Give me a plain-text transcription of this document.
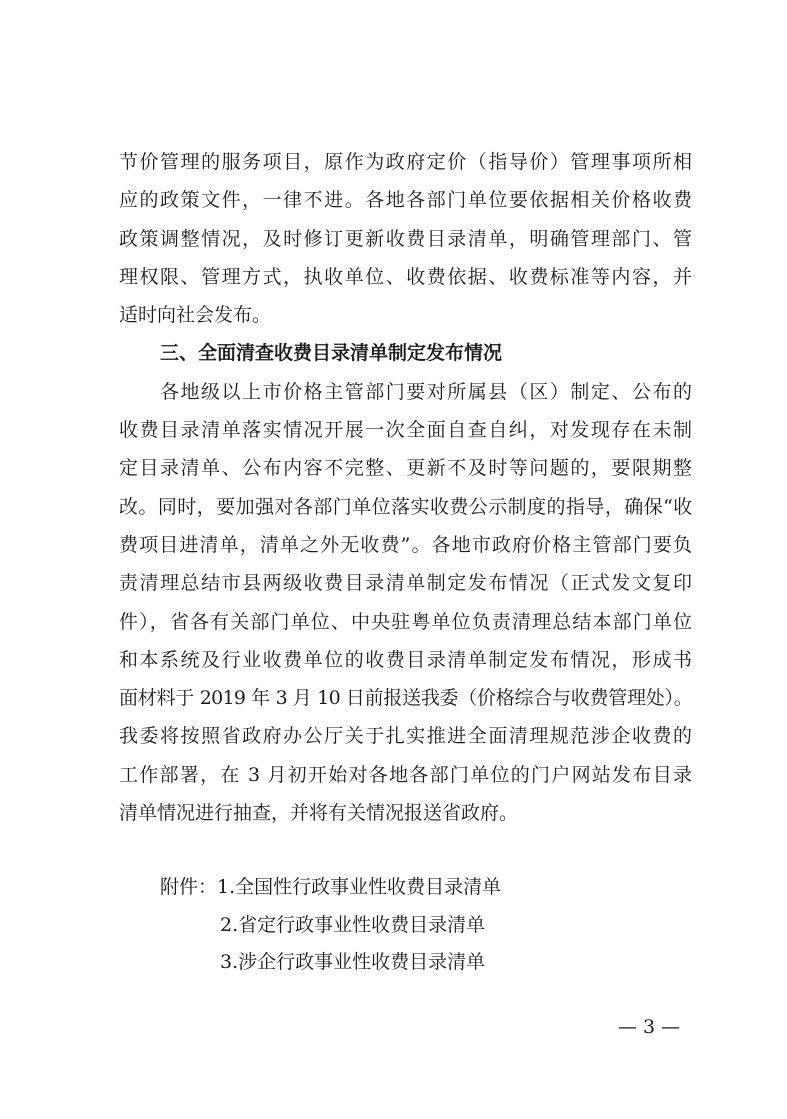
节价管理的服务项目，原作为政府定价（指导价）管理事项所相
应的政策文件，一律不进。各地各部门单位要依据相关价格收费
政策调整情况，及时修订更新收费目录清单，明确管理部门、管
理权限、管理方式，执收单位、收费依据、收费标准等内容，并
适时向社会发布。
三、全面清查收费目录清单制定发布情况
各地级以上市价格主管部门要对所属县（区）制定、公布的
收费目录清单落实情况开展一次全面自查自纠，对发现存在未制
定目录清单、公布内容不完整、更新不及时等问题的，要限期整
改。同时，要加强对各部门单位落实收费公示制度的指导，确保“收
费项目进清单，清单之外无收费”。各地市政府价格主管部门要负
责清理总结市县两级收费目录清单制定发布情况（正式发文复印
件），省各有关部门单位、中央驻粤单位负责清理总结本部门单位
和本系统及行业收费单位的收费目录清单制定发布情况，形成书
面材料于 2019 年 3 月 10 日前报送我委（价格综合与收费管理处）。
我委将按照省政府办公厅关于扎实推进全面清理规范涉企收费的
工作部署，在 3 月初开始对各地各部门单位的门户网站发布目录
清单情况进行抽查，并将有关情况报送省政府。
附件：1.全国性行政事业性收费目录清单
2.省定行政事业性收费目录清单
3.涉企行政事业性收费目录清单
— 3 —
